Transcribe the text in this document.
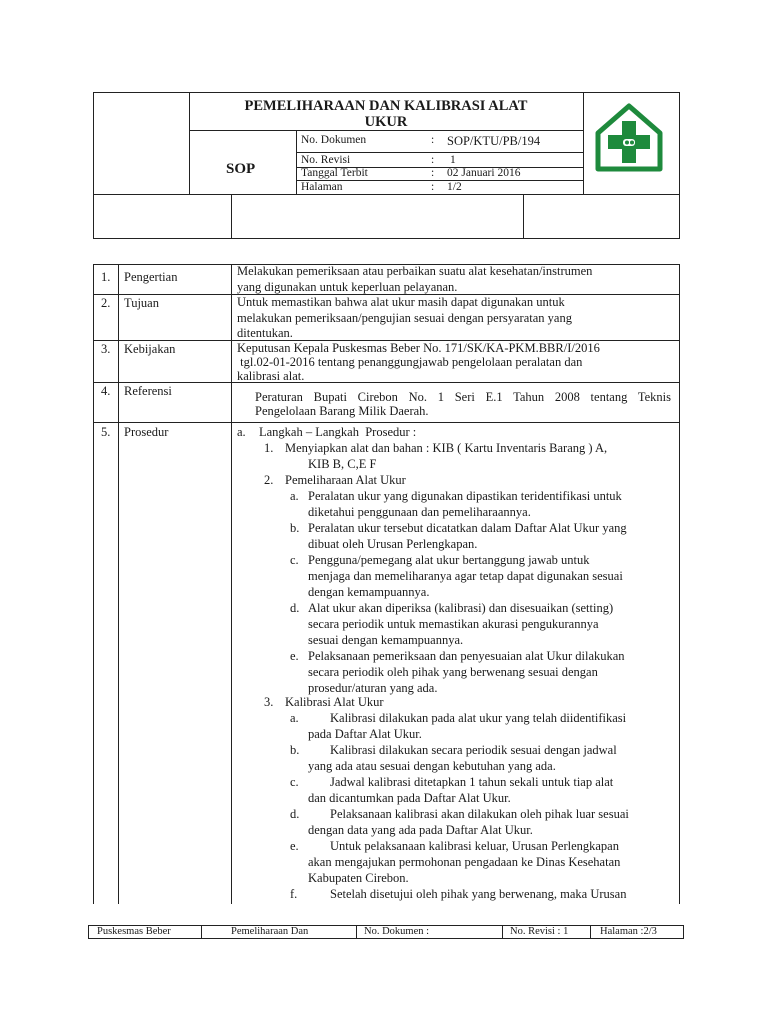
PEMELIHARAAN DAN KALIBRASI ALAT
UKUR
SOP
No. Dokumen	: SOP/KTU/PB/194
No. Revisi	: 1
Tanggal Terbit	: 02 Januari 2016
Halaman	: 1/2
1. Pengertian	Melakukan pemeriksaan atau perbaikan suatu alat kesehatan/instrumen
yang digunakan untuk keperluan pelayanan.
2. Tujuan	Untuk memastikan bahwa alat ukur masih dapat digunakan untuk
melakukan pemeriksaan/pengujian sesuai dengan persyaratan yang
ditentukan.
3. Kebijakan	Keputusan Kepala Puskesmas Beber No. 171/SK/KA-PKM.BBR/I/2016
tgl.02-01-2016 tentang penanggungjawab pengelolaan peralatan dan
kalibrasi alat.
4. Referensi	Peraturan Bupati Cirebon No. 1 Seri E.1 Tahun 2008 tentang Teknis
Pengelolaan Barang Milik Daerah.
5. Prosedur	a. Langkah – Langkah  Prosedur :
1. Menyiapkan alat dan bahan : KIB ( Kartu Inventaris Barang ) A,
KIB B, C,E F
2. Pemeliharaan Alat Ukur
a. Peralatan ukur yang digunakan dipastikan teridentifikasi untuk
diketahui penggunaan dan pemeliharaannya.
b. Peralatan ukur tersebut dicatatkan dalam Daftar Alat Ukur yang
dibuat oleh Urusan Perlengkapan.
c. Pengguna/pemegang alat ukur bertanggung jawab untuk
menjaga dan memeliharanya agar tetap dapat digunakan sesuai
dengan kemampuannya.
d. Alat ukur akan diperiksa (kalibrasi) dan disesuaikan (setting)
secara periodik untuk memastikan akurasi pengukurannya
sesuai dengan kemampuannya.
e. Pelaksanaan pemeriksaan dan penyesuaian alat Ukur dilakukan
secara periodik oleh pihak yang berwenang sesuai dengan
prosedur/aturan yang ada.
3. Kalibrasi Alat Ukur
a.	Kalibrasi dilakukan pada alat ukur yang telah diidentifikasi
pada Daftar Alat Ukur.
b. Kalibrasi dilakukan secara periodik sesuai dengan jadwal
yang ada atau sesuai dengan kebutuhan yang ada.
c.	Jadwal kalibrasi ditetapkan 1 tahun sekali untuk tiap alat
dan dicantumkan pada Daftar Alat Ukur.
d. Pelaksanaan kalibrasi akan dilakukan oleh pihak luar sesuai
dengan data yang ada pada Daftar Alat Ukur.
e.	Untuk pelaksanaan kalibrasi keluar, Urusan Perlengkapan
akan mengajukan permohonan pengadaan ke Dinas Kesehatan
Kabupaten Cirebon.
f.	Setelah disetujui oleh pihak yang berwenang, maka Urusan
Puskesmas Beber	Pemeliharaan Dan	No. Dokumen :	No. Revisi : 1	Halaman :2/3
